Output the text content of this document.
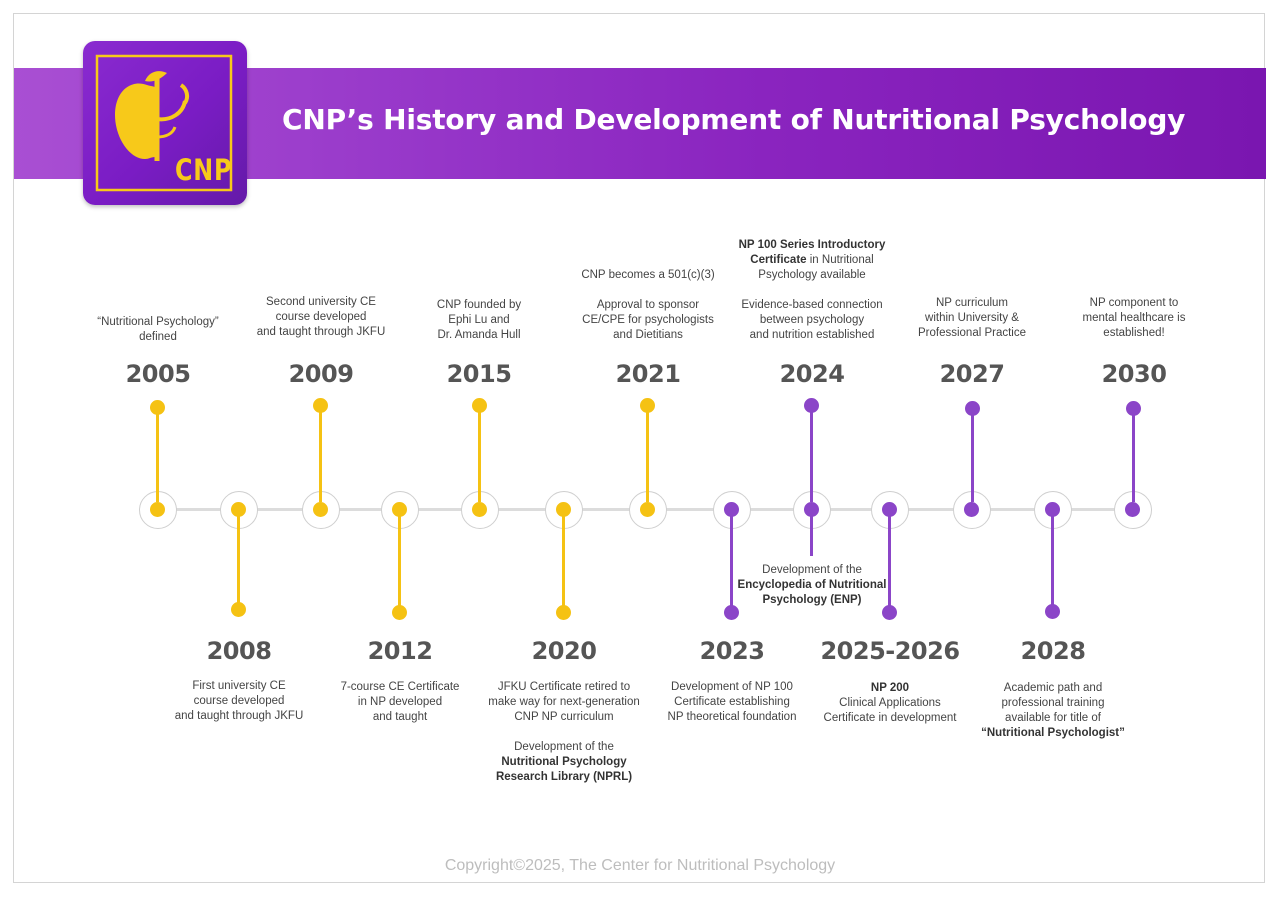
CNP’s History and Development of Nutritional Psychology
CNP
“Nutritional Psychology”
defined
2005
Second university CE
course developed
and taught through JKFU
2009
CNP founded by
Ephi Lu and
Dr. Amanda Hull
2015
CNP becomes a 501(c)(3)
Approval to sponsor
CE/CPE for psychologists
and Dietitians
2021
NP 100 Series Introductory
Certificate in Nutritional
Psychology available
Evidence-based connection
between psychology
and nutrition established
2024
NP curriculum
within University &
Professional Practice
2027
NP component to
mental healthcare is
established!
2030
Development of the
Encyclopedia of Nutritional
Psychology (ENP)
2008
First university CE
course developed
and taught through JKFU
2012
7-course CE Certificate
in NP developed
and taught
2020
JFKU Certificate retired to
make way for next-generation
CNP NP curriculum
Development of the
Nutritional Psychology
Research Library (NPRL)
2023
Development of NP 100
Certificate establishing
NP theoretical foundation
2025-2026
NP 200
Clinical Applications
Certificate in development
2028
Academic path and
professional training
available for title of
“Nutritional Psychologist”
Copyright©2025, The Center for Nutritional Psychology
